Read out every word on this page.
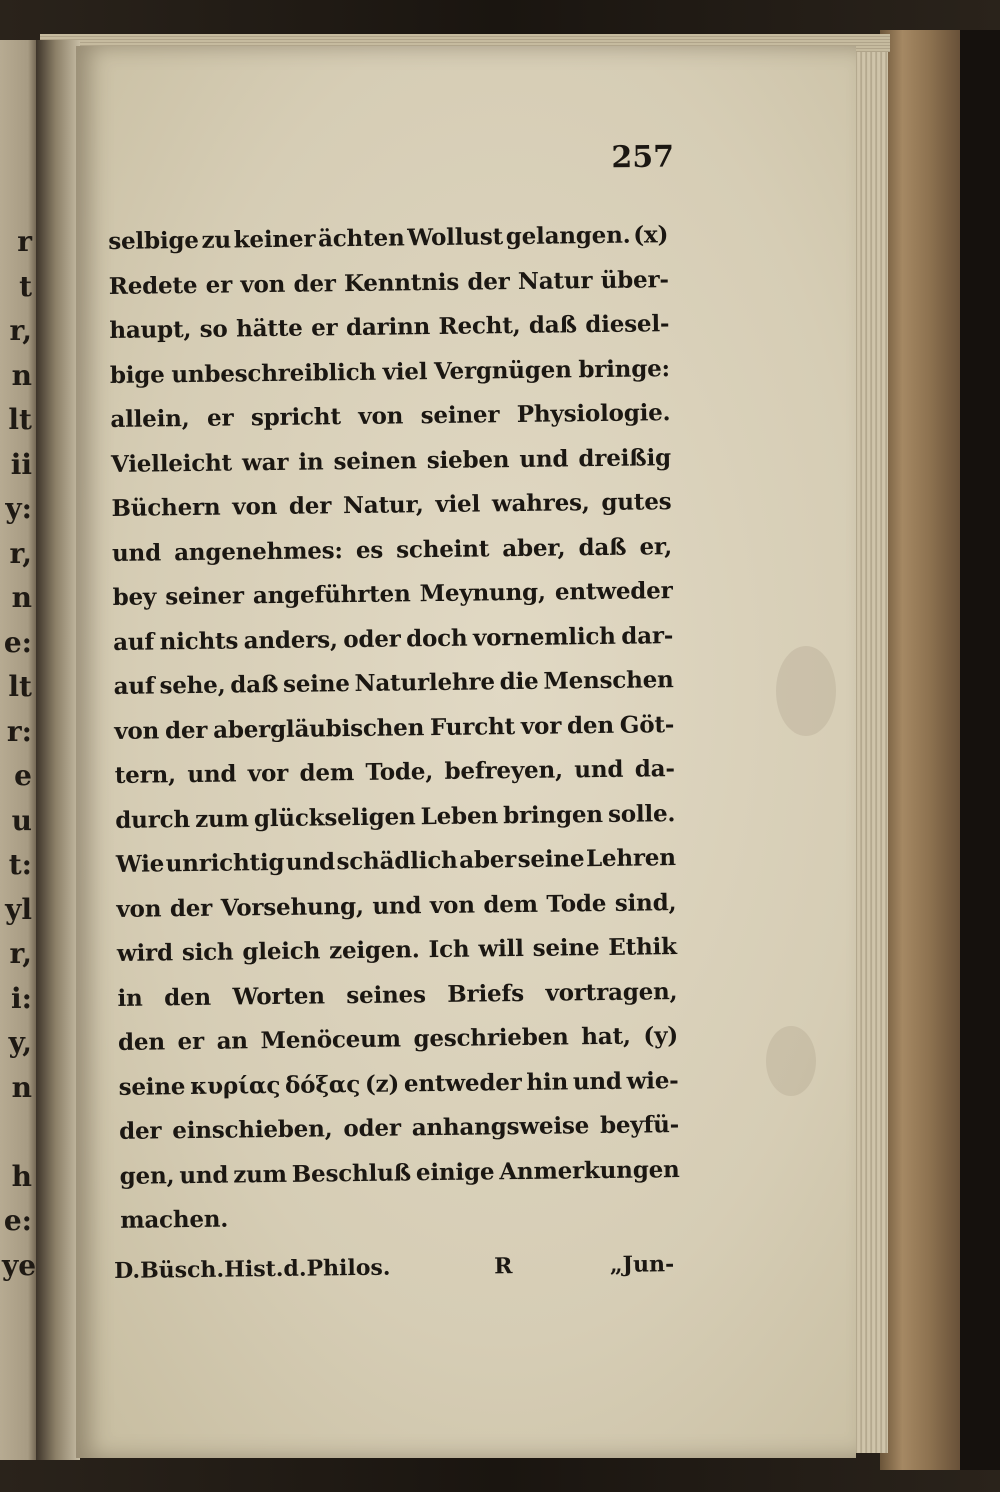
r
t
r,
n
lt
ii
y:
r,
n
e:
lt
r:
e
u
t:
yl
r,
i:
y,
n
h
e:
ye
257
selbige zu keiner ächten Wollust gelangen. (x)
Redete er von der Kenntnis der Natur über-
haupt, so hätte er darinn Recht, daß diesel-
bige unbeschreiblich viel Vergnügen bringe:
allein, er spricht von seiner Physiologie.
Vielleicht war in seinen sieben und dreißig
Büchern von der Natur, viel wahres, gutes
und angenehmes: es scheint aber, daß er,
bey seiner angeführten Meynung, entweder
auf nichts anders, oder doch vornemlich dar-
auf sehe, daß seine Naturlehre die Menschen
von der abergläubischen Furcht vor den Göt-
tern, und vor dem Tode, befreyen, und da-
durch zum glückseligen Leben bringen solle.
Wie unrichtig und schädlich aber seine Lehren
von der Vorsehung, und von dem Tode sind,
wird sich gleich zeigen. Ich will seine Ethik
in den Worten seines Briefs vortragen,
den er an Menöceum geschrieben hat, (y)
seine κυρίας δόξας (z) entweder hin und wie-
der einschieben, oder anhangsweise beyfü-
gen, und zum Beschluß einige Anmerkungen
machen.
D.Büsch.Hist.d.Philos.	R	„Jun-
